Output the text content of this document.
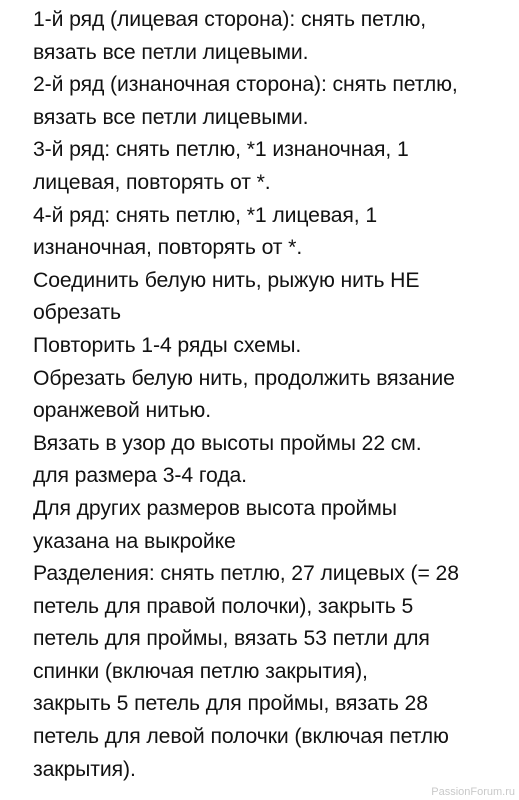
1-й ряд (лицевая сторона): снять петлю,
вязать все петли лицевыми.
2-й ряд (изнаночная сторона): снять петлю,
вязать все петли лицевыми.
3-й ряд: снять петлю, *1 изнаночная, 1
лицевая, повторять от *.
4-й ряд: снять петлю, *1 лицевая, 1
изнаночная, повторять от *.
Соединить белую нить, рыжую нить НЕ
обрезать
Повторить 1-4 ряды схемы.
Обрезать белую нить, продолжить вязание
оранжевой нитью.
Вязать в узор до высоты проймы 22 см.
для размера 3-4 года.
Для других размеров высота проймы
указана на выкройке
Разделения: снять петлю, 27 лицевых (= 28
петель для правой полочки), закрыть 5
петель для проймы, вязать 53 петли для
спинки (включая петлю закрытия),
закрыть 5 петель для проймы, вязать 28
петель для левой полочки (включая петлю
закрытия).
PassionForum.ru
